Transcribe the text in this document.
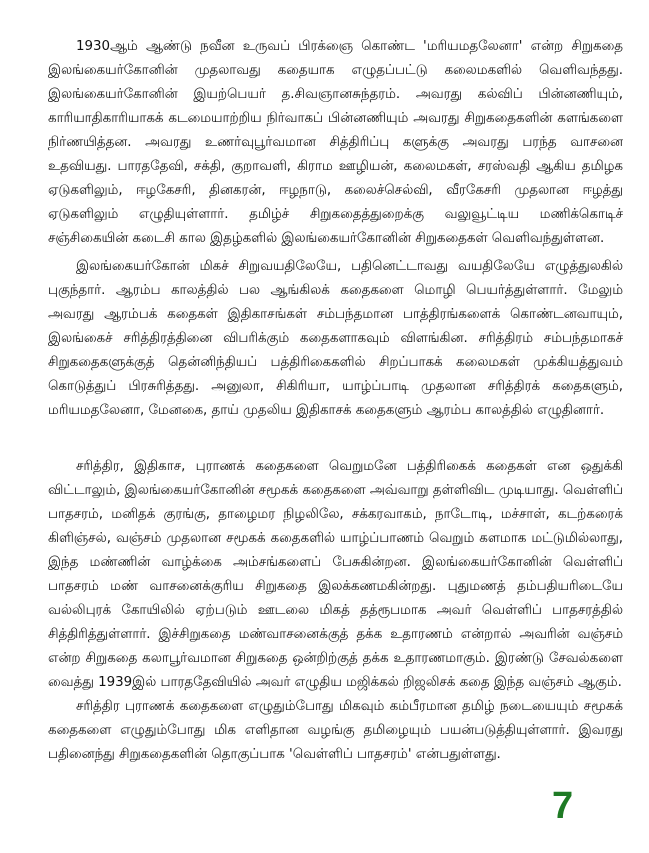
1930ஆம் ஆண்டு நவீன உருவப் பிரக்ஞை கொண்ட 'மரியமதலேனா' என்ற சிறுகதை இலங்கையர்கோனின் முதலாவது கதையாக எழுதப்பட்டு கலைமகளில் வெளிவந்தது. இலங்கையர்கோனின் இயற்பெயர் த.சிவஞானசுந்தரம். அவரது கல்விப் பின்னணியும், காரியாதிகாரியாகக் கடமையாற்றிய நிர்வாகப் பின்னணியும் அவரது சிறுகதைகளின் களங்களை நிர்ணயித்தன. அவரது உணர்வுபூர்வமான சித்திரிப்பு களுக்கு அவரது பரந்த வாசனை உதவியது. பாரததேவி, சக்தி, குறாவளி, கிராம ஊழியன், கலைமகள், சரஸ்வதி ஆகிய தமிழக ஏடுகளிலும், ஈழகேசரி, தினகரன், ஈழநாடு, கலைச்செல்வி, வீரகேசரி முதலான ஈழத்து ஏடுகளிலும் எழுதியுள்ளார். தமிழ்ச் சிறுகதைத்துறைக்கு வலுவூட்டிய மணிக்கொடிச் சஞ்சிகையின் கடைசி கால இதழ்களில் இலங்கையர்கோனின் சிறுகதைகள் வெளிவந்துள்ளன.

இலங்கையர்கோன் மிகச் சிறுவயதிலேயே, பதினெட்டாவது வயதிலேயே எழுத்துலகில் புகுந்தார். ஆரம்ப காலத்தில் பல ஆங்கிலக் கதைகளை மொழி பெயர்த்துள்ளார். மேலும் அவரது ஆரம்பக் கதைகள் இதிகாசங்கள் சம்பந்தமான பாத்திரங்களைக் கொண்டனவாயும், இலங்கைச் சரித்திரத்தினை விபரிக்கும் கதைகளாகவும் விளங்கின. சரித்திரம் சம்பந்தமாகச் சிறுகதைகளுக்குத் தென்னிந்தியப் பத்திரிகைகளில் சிறப்பாகக் கலைமகள் முக்கியத்துவம் கொடுத்துப் பிரசுரித்தது. அனுலா, சிகிரியா, யாழ்ப்பாடி முதலான சரித்திரக் கதைகளும், மரியமதலேனா, மேனகை, தாய் முதலிய இதிகாசக் கதைகளும் ஆரம்ப காலத்தில் எழுதினார்.

சரித்திர, இதிகாச, புராணக் கதைகளை வெறுமனே பத்திரிகைக் கதைகள் என ஒதுக்கி விட்டாலும், இலங்கையர்கோனின் சமூகக் கதைகளை அவ்வாறு தள்ளிவிட முடியாது. வெள்ளிப் பாதசரம், மனிதக் குரங்கு, தாழைமர நிழலிலே, சக்கரவாகம், நாடோடி, மச்சாள், கடற்கரைக் கிளிஞ்சல், வஞ்சம் முதலான சமூகக் கதைகளில் யாழ்ப்பாணம் வெறும் களமாக மட்டுமில்லாது, இந்த மண்ணின் வாழ்க்கை அம்சங்களைப் பேசுகின்றன. இலங்கையர்கோனின் வெள்ளிப் பாதசரம் மண் வாசனைக்குரிய சிறுகதை இலக்கணமகின்றது. புதுமணத் தம்பதியரிடையே வல்லிபுரக் கோயிலில் ஏற்படும் ஊடலை மிகத் தத்ரூபமாக அவர் வெள்ளிப் பாதசரத்தில் சித்திரித்துள்ளார். இச்சிறுகதை மண்வாசனைக்குத் தக்க உதாரணம் என்றால் அவரின் வஞ்சம் என்ற சிறுகதை கலாபூர்வமான சிறுகதை ஒன்றிற்குத் தக்க உதாரணமாகும். இரண்டு சேவல்களை வைத்து 1939இல் பாரததேவியில் அவர் எழுதிய மஜிக்கல் றிஜலிசக் கதை இந்த வஞ்சம் ஆகும்.

சரித்திர புராணக் கதைகளை எழுதும்போது மிகவும் கம்பீரமான தமிழ் நடையையும் சமூகக் கதைகளை எழுதும்போது மிக எளிதான வழங்கு தமிழையும் பயன்படுத்தியுள்ளார். இவரது பதினைந்து சிறுகதைகளின் தொகுப்பாக 'வெள்ளிப் பாதசரம்' என்பதுள்ளது.

7
